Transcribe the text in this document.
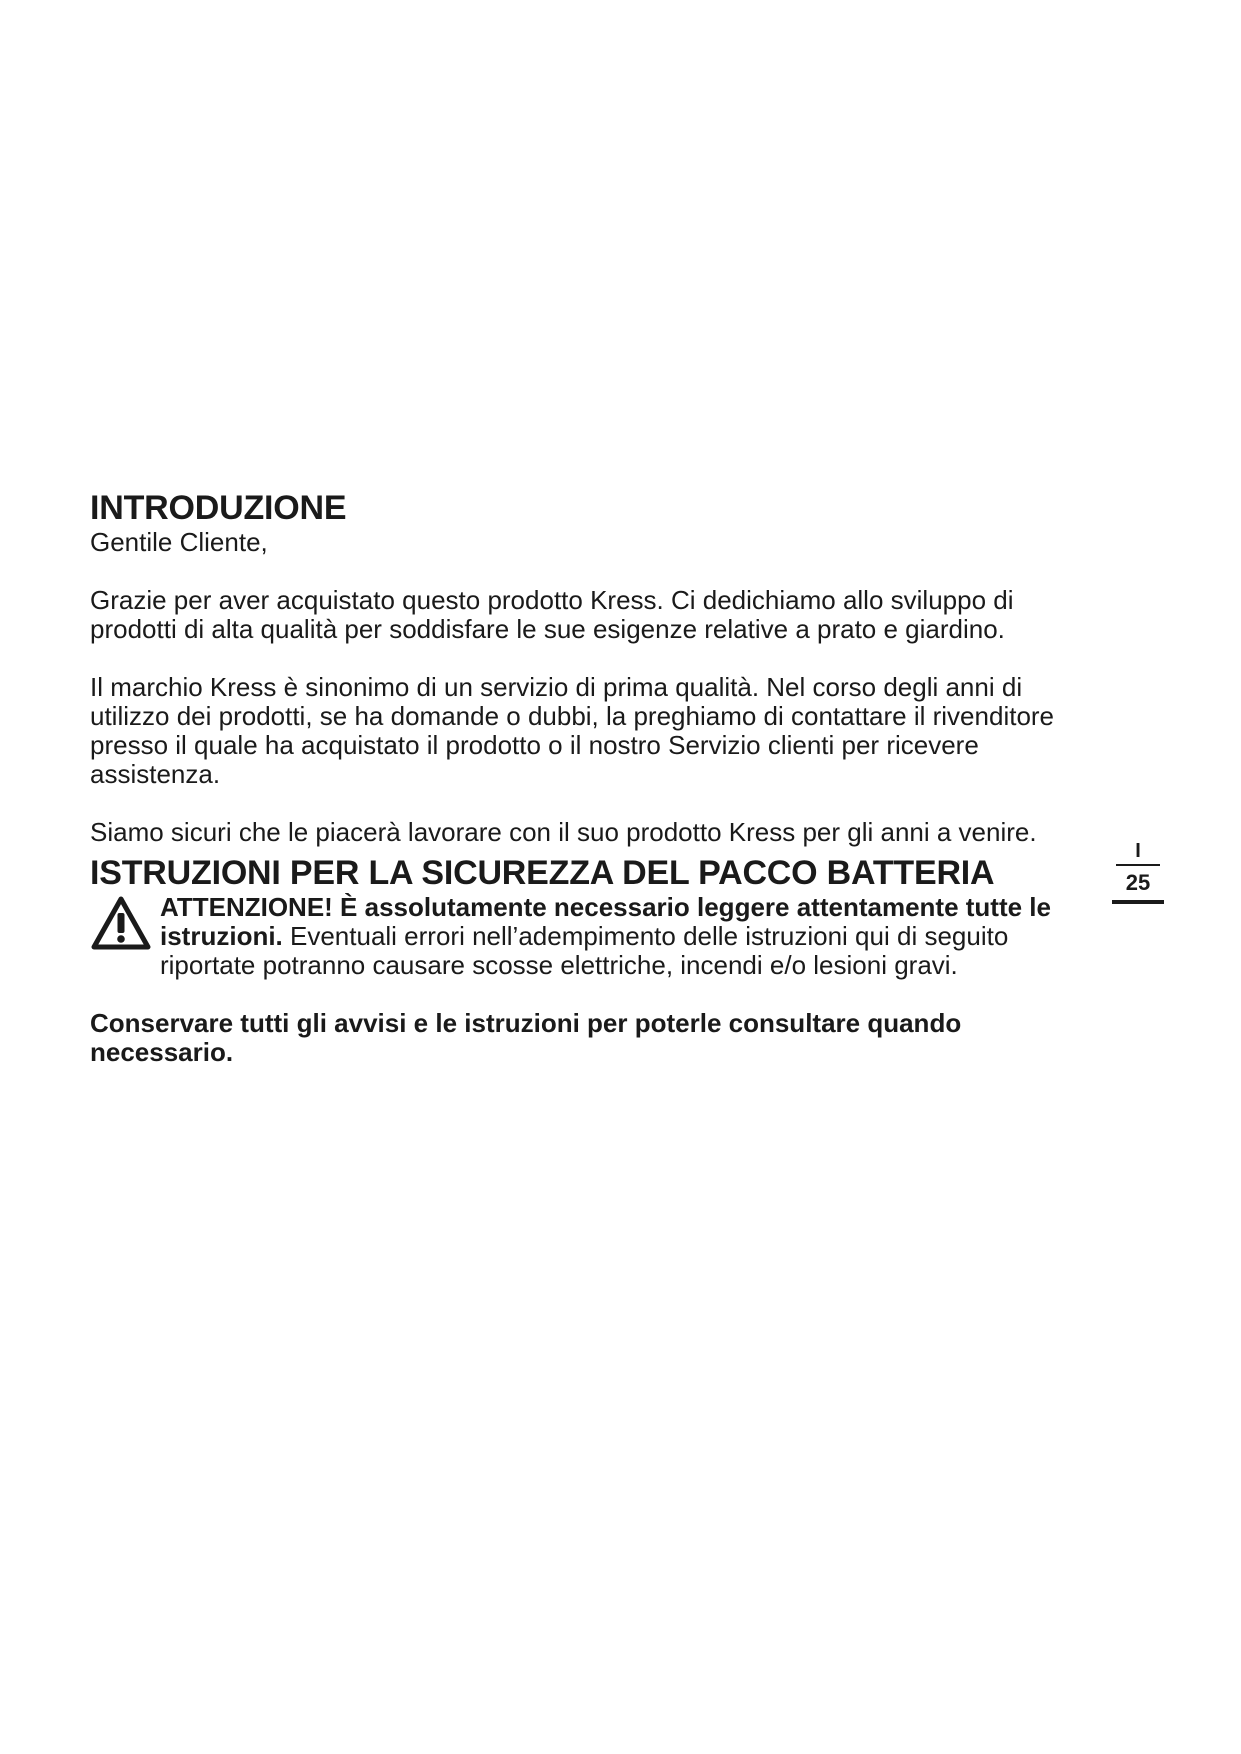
INTRODUZIONE

Gentile Cliente,

Grazie per aver acquistato questo prodotto Kress. Ci dedichiamo allo sviluppo di prodotti di alta qualità per soddisfare le sue esigenze relative a prato e giardino.

Il marchio Kress è sinonimo di un servizio di prima qualità. Nel corso degli anni di utilizzo dei prodotti, se ha domande o dubbi, la preghiamo di contattare il rivenditore presso il quale ha acquistato il prodotto o il nostro Servizio clienti per ricevere assistenza.

Siamo sicuri che le piacerà lavorare con il suo prodotto Kress per gli anni a venire.

ISTRUZIONI PER LA SICUREZZA DEL PACCO BATTERIA
ATTENZIONE! È assolutamente necessario leggere attentamente tutte le istruzioni. Eventuali errori nell’adempimento delle istruzioni qui di seguito riportate potranno causare scosse elettriche, incendi e/o lesioni gravi.

Conservare tutti gli avvisi e le istruzioni per poterle consultare quando necessario.

I
25
